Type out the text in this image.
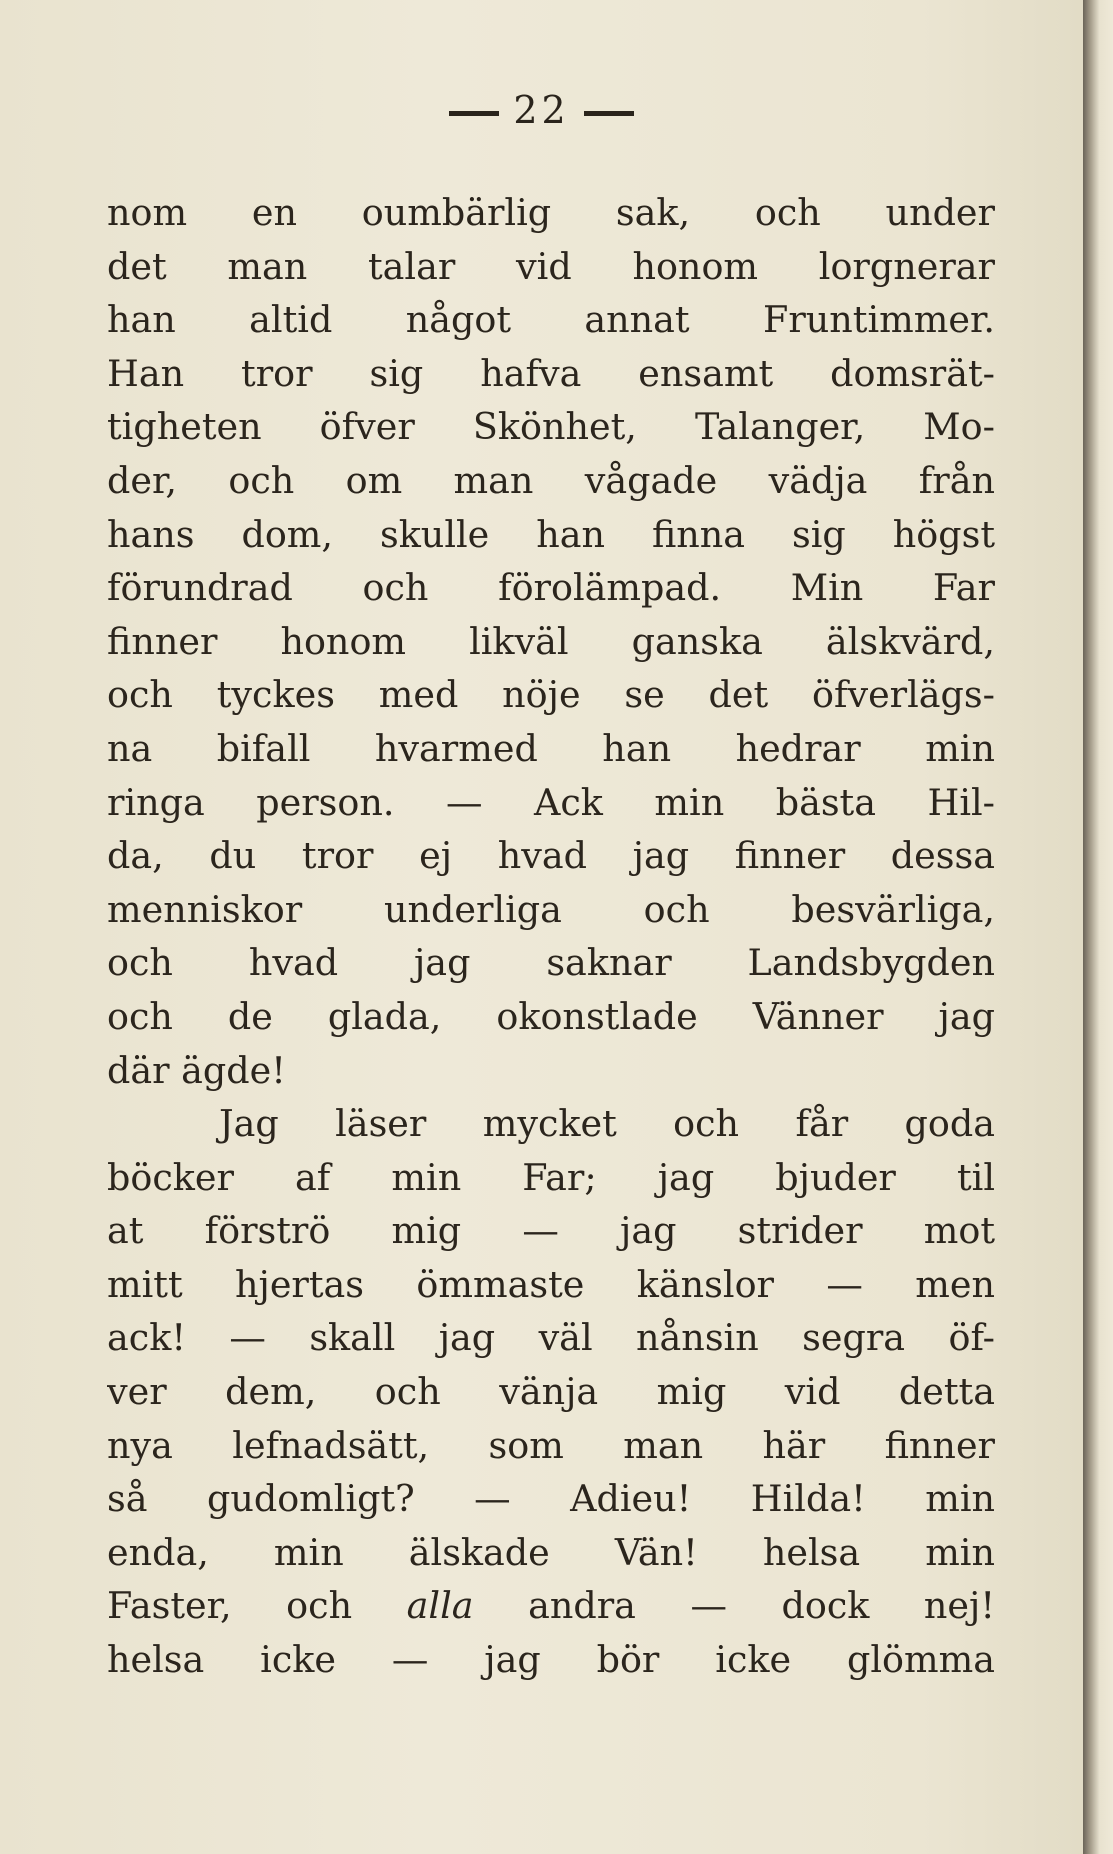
22
nom en oumbärlig sak, och under
det man talar vid honom lorgnerar
han altid något annat Fruntimmer.
Han tror sig hafva ensamt domsrät-
tigheten öfver Skönhet, Talanger, Mo-
der, och om man vågade vädja från
hans dom, skulle han finna sig högst
förundrad och förolämpad. Min Far
finner honom likväl ganska älskvärd,
och tyckes med nöje se det öfverlägs-
na bifall hvarmed han hedrar min
ringa person. — Ack min bästa Hil-
da, du tror ej hvad jag finner dessa
menniskor underliga och besvärliga,
och hvad jag saknar Landsbygden
och de glada, okonstlade Vänner jag
där ägde!
Jag läser mycket och får goda
böcker af min Far; jag bjuder til
at förströ mig — jag strider mot
mitt hjertas ömmaste känslor — men
ack! — skall jag väl nånsin segra öf-
ver dem, och vänja mig vid detta
nya lefnadsätt, som man här finner
så gudomligt? — Adieu! Hilda! min
enda, min älskade Vän! helsa min
Faster, och alla andra — dock nej!
helsa icke — jag bör icke glömma
